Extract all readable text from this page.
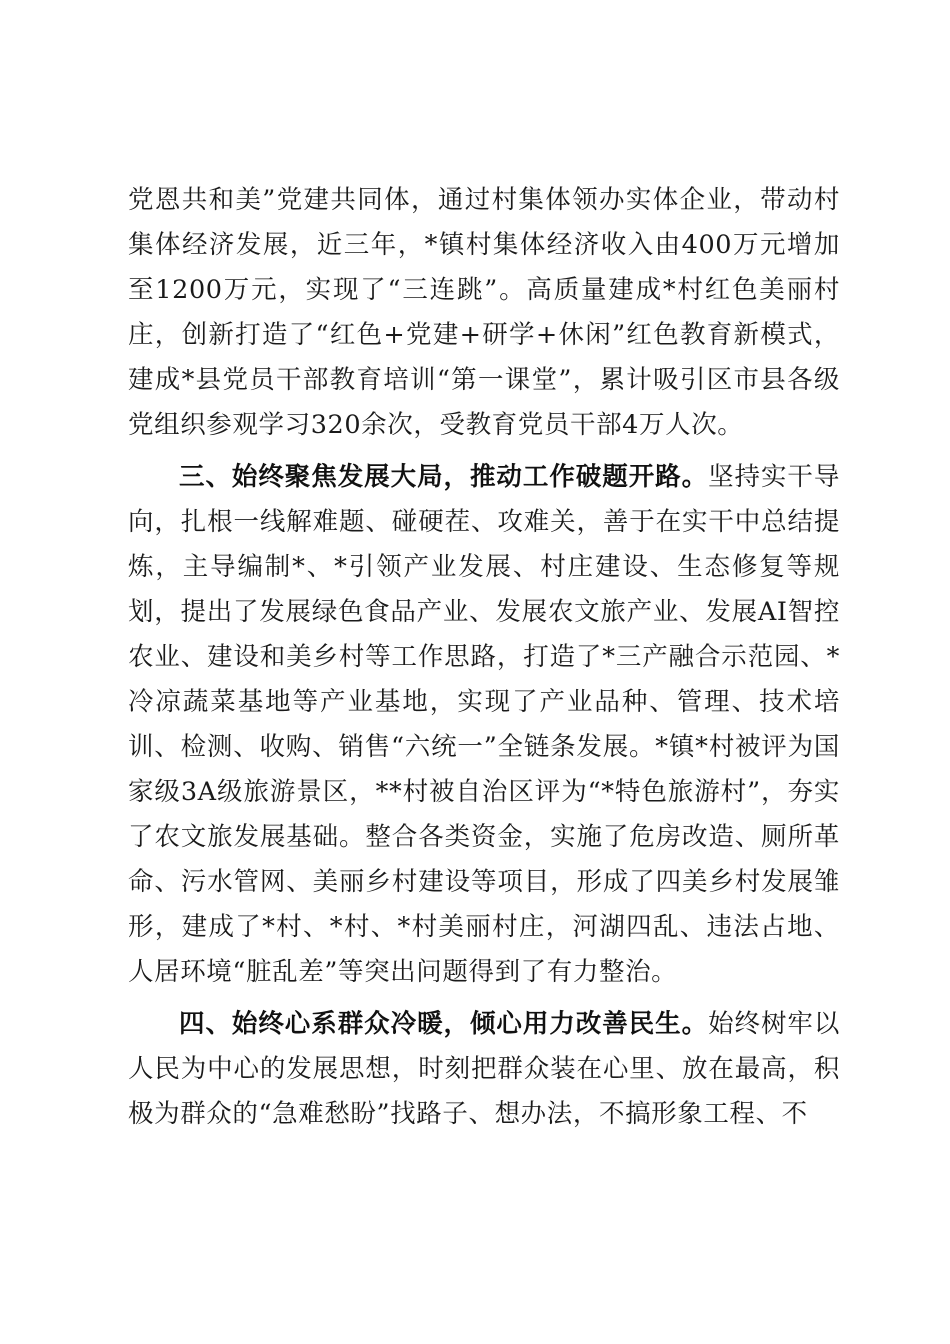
党恩共和美”党建共同体，通过村集体领办实体企业，带动村集体经济发展，近三年，*镇村集体经济收入由400万元增加至1200万元，实现了“三连跳”。高质量建成*村红色美丽村庄，创新打造了“红色+党建+研学+休闲”红色教育新模式，建成*县党员干部教育培训“第一课堂”，累计吸引区市县各级党组织参观学习320余次，受教育党员干部4万人次。

三、始终聚焦发展大局，推动工作破题开路。坚持实干导向，扎根一线解难题、碰硬茬、攻难关，善于在实干中总结提炼，主导编制*、*引领产业发展、村庄建设、生态修复等规划，提出了发展绿色食品产业、发展农文旅产业、发展AI智控农业、建设和美乡村等工作思路，打造了*三产融合示范园、*冷凉蔬菜基地等产业基地，实现了产业品种、管理、技术培训、检测、收购、销售“六统一”全链条发展。*镇*村被评为国家级3A级旅游景区，**村被自治区评为“*特色旅游村”，夯实了农文旅发展基础。整合各类资金，实施了危房改造、厕所革命、污水管网、美丽乡村建设等项目，形成了四美乡村发展雏形，建成了*村、*村、*村美丽村庄，河湖四乱、违法占地、人居环境“脏乱差”等突出问题得到了有力整治。

四、始终心系群众冷暖，倾心用力改善民生。始终树牢以人民为中心的发展思想，时刻把群众装在心里、放在最高，积极为群众的“急难愁盼”找路子、想办法，不搞形象工程、不
